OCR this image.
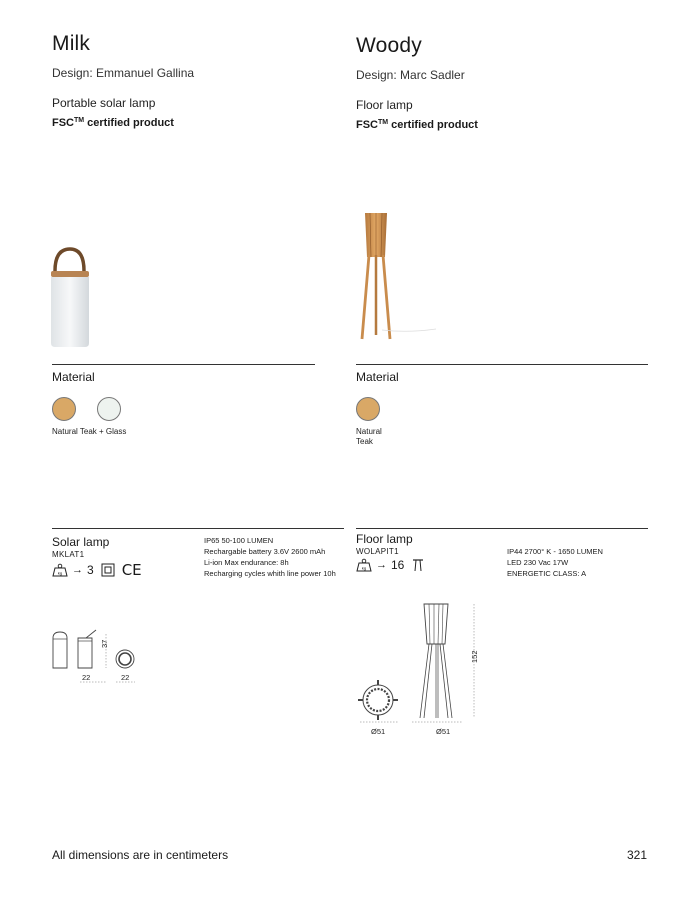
Milk
Design: Emmanuel Gallina
Portable solar lamp
FSC™ certified product
Material
Natural Teak + Glass
Solar lamp
MKLAT1
kg → 3 CE
IP65 50-100 LUMEN
Rechargable battery 3.6V 2600 mAh
Li-ion Max endurance: 8h
Recharging cycles whith line power 10h
37
22	22
Woody
Design: Marc Sadler
Floor lamp
FSC™ certified product
Material
Natural
Teak
Floor lamp
WOLAPIT1
kg → 16
IP44 2700° K - 1650 LUMEN
LED 230 Vac 17W
ENERGETIC CLASS: A
152
Ø51	Ø51
All dimensions are in centimeters	321
